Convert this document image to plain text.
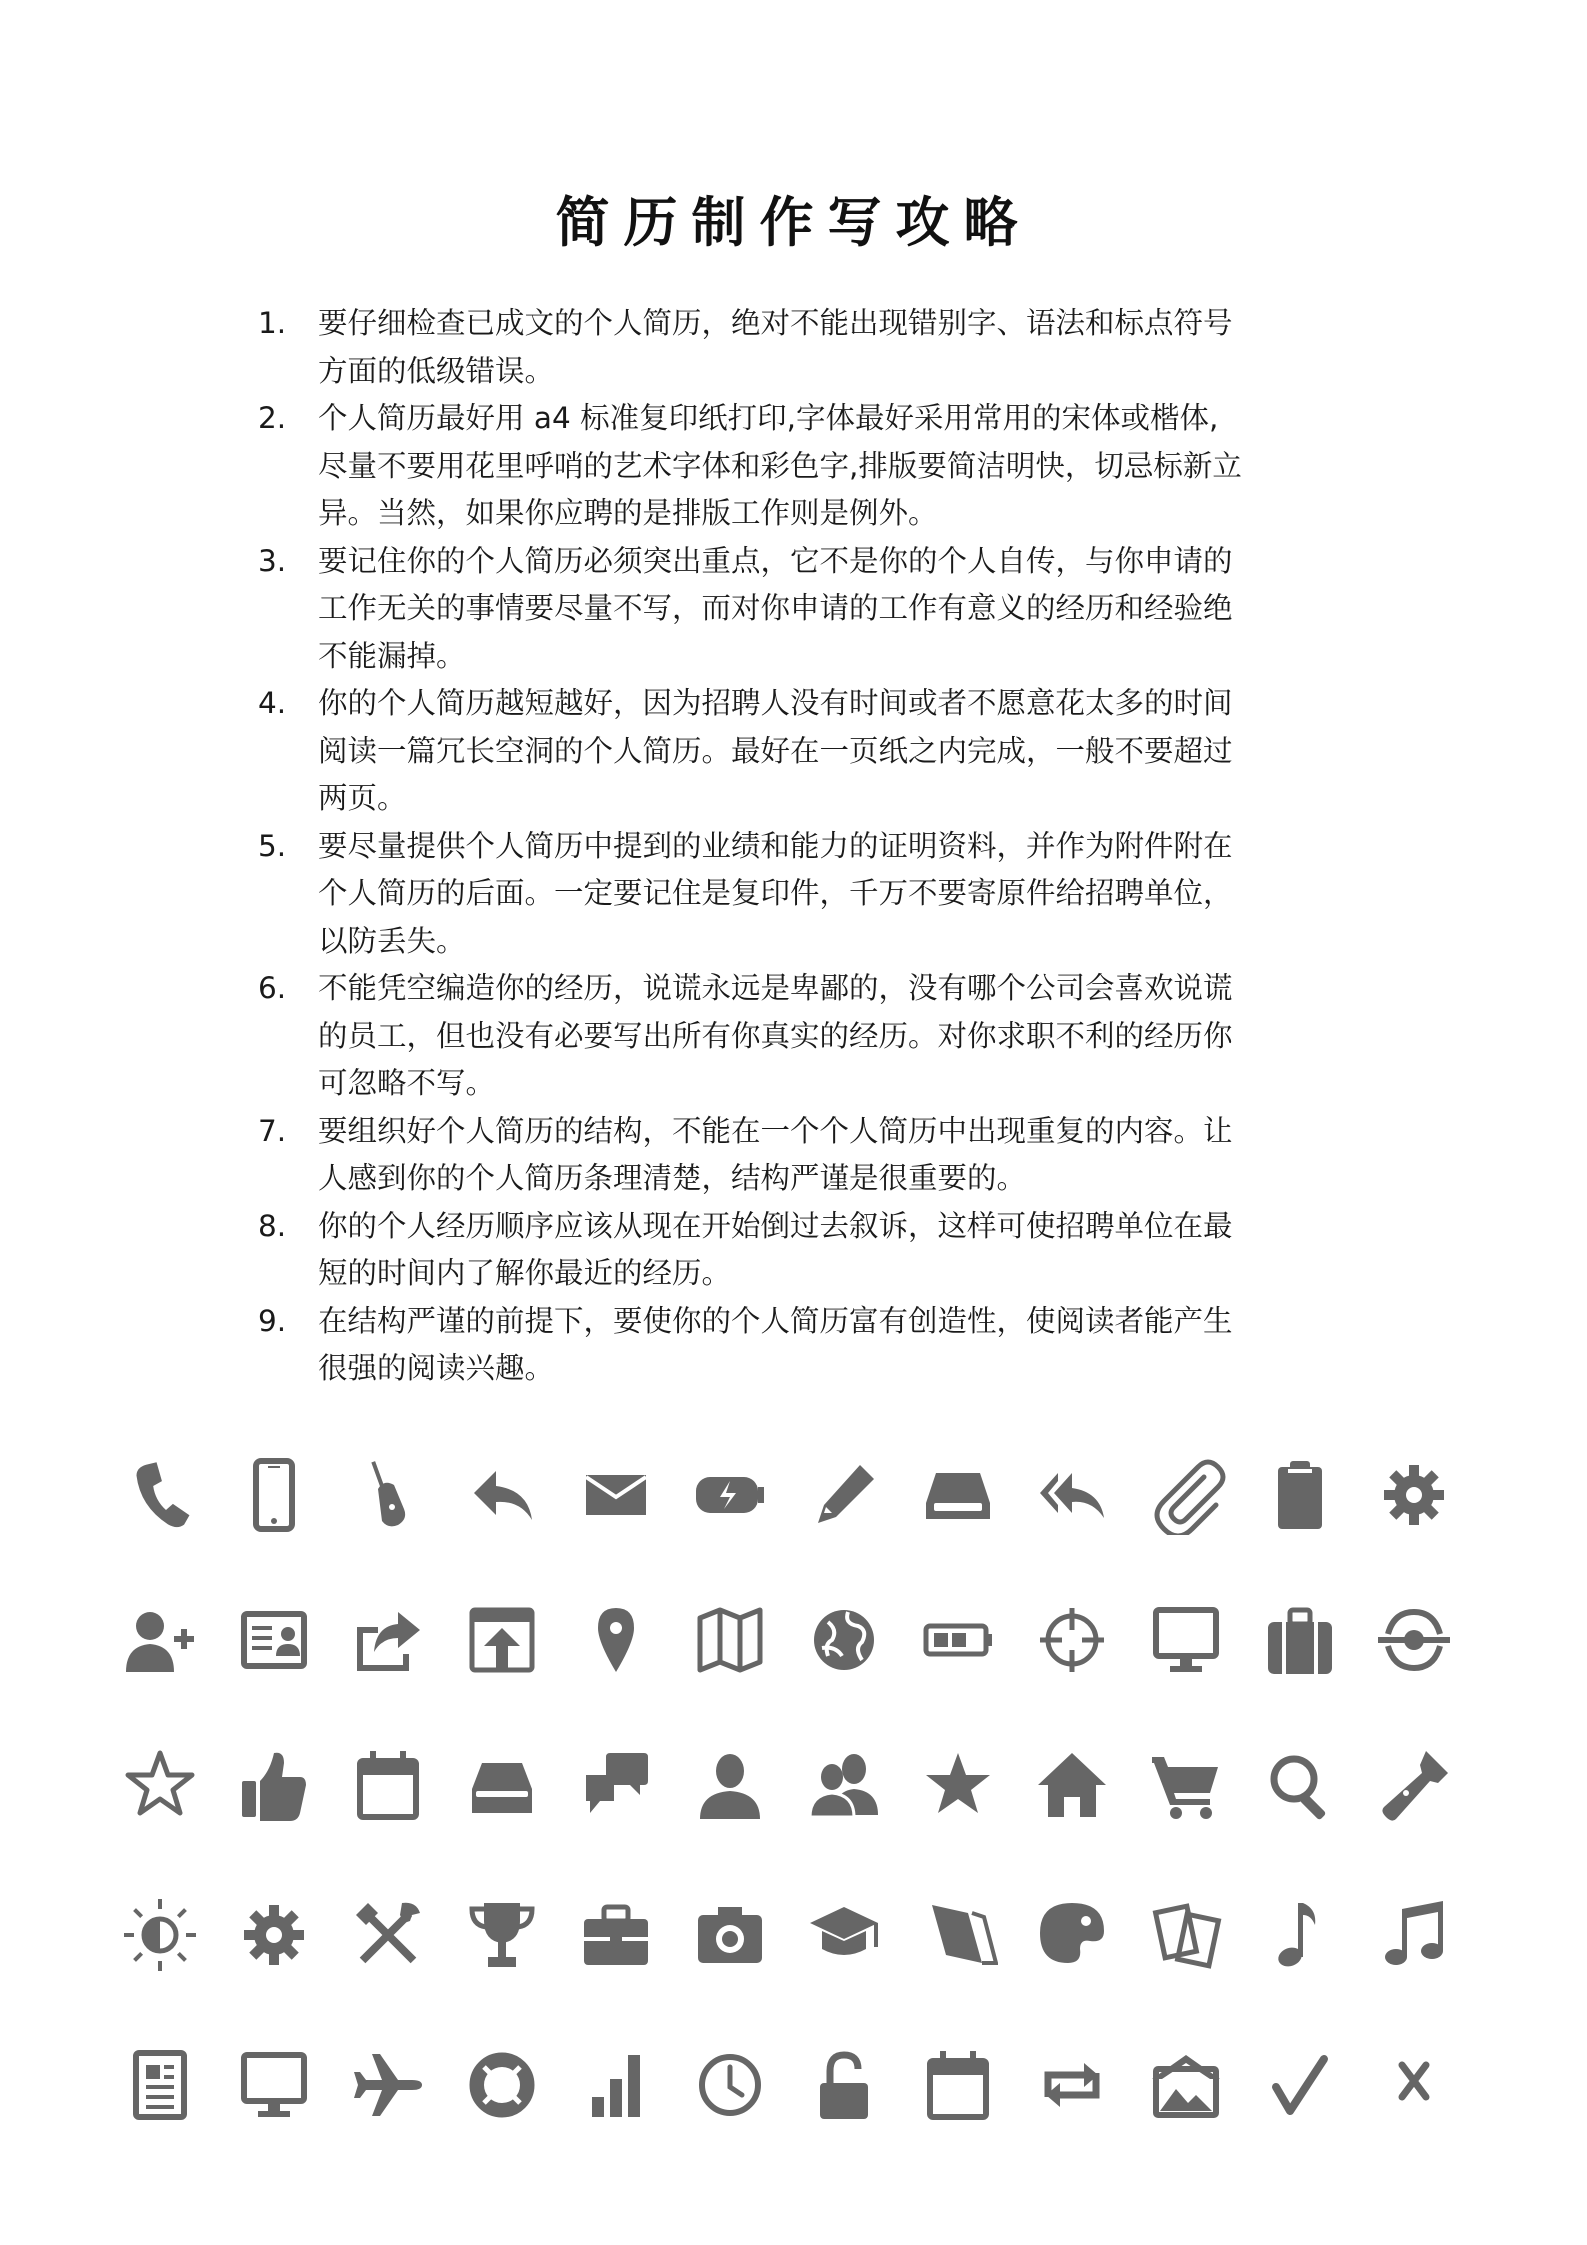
简历制作写攻略
1. 要仔细检查已成文的个人简历，绝对不能出现错别字、语法和标点符号
方面的低级错误。
2. 个人简历最好用 a4 标准复印纸打印,字体最好采用常用的宋体或楷体,
尽量不要用花里呼哨的艺术字体和彩色字,排版要简洁明快，切忌标新立
异。当然，如果你应聘的是排版工作则是例外。
3. 要记住你的个人简历必须突出重点，它不是你的个人自传，与你申请的
工作无关的事情要尽量不写，而对你申请的工作有意义的经历和经验绝
不能漏掉。
4. 你的个人简历越短越好，因为招聘人没有时间或者不愿意花太多的时间
阅读一篇冗长空洞的个人简历。最好在一页纸之内完成，一般不要超过
两页。
5. 要尽量提供个人简历中提到的业绩和能力的证明资料，并作为附件附在
个人简历的后面。一定要记住是复印件，千万不要寄原件给招聘单位，
以防丢失。
6. 不能凭空编造你的经历，说谎永远是卑鄙的，没有哪个公司会喜欢说谎
的员工，但也没有必要写出所有你真实的经历。对你求职不利的经历你
可忽略不写。
7. 要组织好个人简历的结构，不能在一个个人简历中出现重复的内容。让
人感到你的个人简历条理清楚，结构严谨是很重要的。
8. 你的个人经历顺序应该从现在开始倒过去叙诉，这样可使招聘单位在最
短的时间内了解你最近的经历。
9. 在结构严谨的前提下，要使你的个人简历富有创造性，使阅读者能产生
很强的阅读兴趣。
